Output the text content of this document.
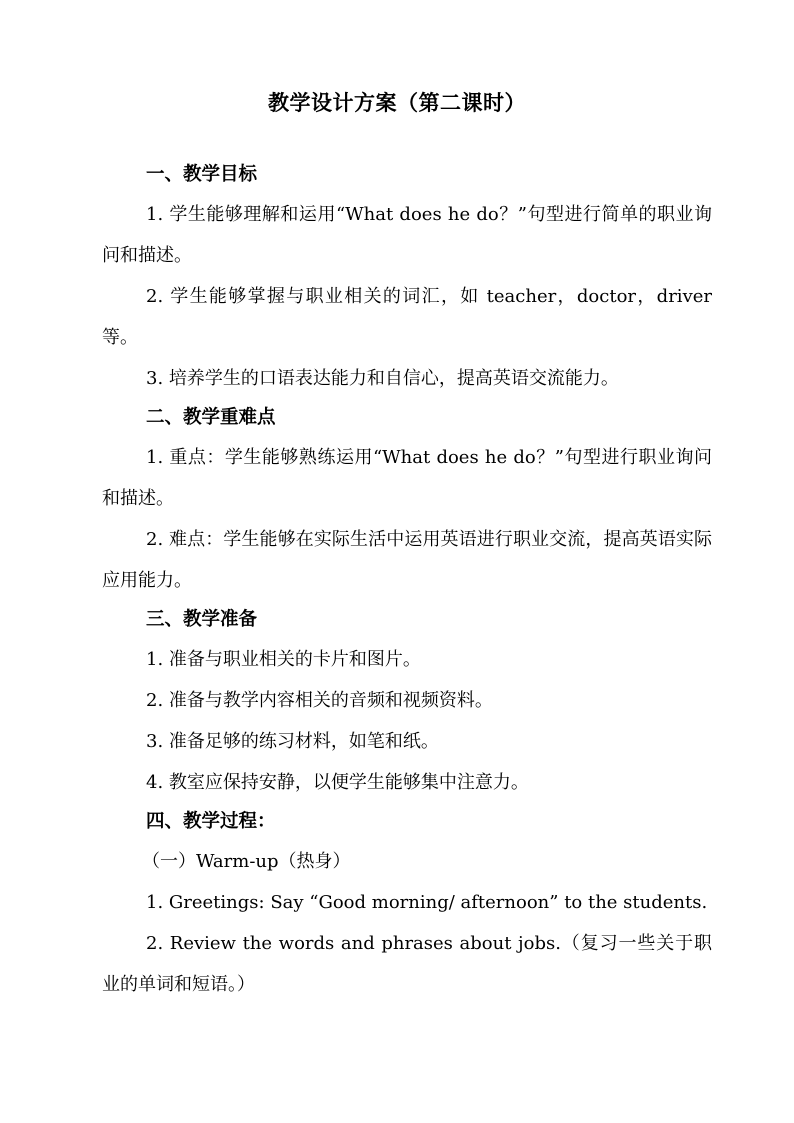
教学设计方案（第二课时）
一、教学目标

1. 学生能够理解和运用“What does he do？”句型进行简单的职业询问和描述。

2. 学生能够掌握与职业相关的词汇，如 teacher，doctor，driver 等。

3. 培养学生的口语表达能力和自信心，提高英语交流能力。

二、教学重难点

1. 重点：学生能够熟练运用“What does he do？”句型进行职业询问和描述。

2. 难点：学生能够在实际生活中运用英语进行职业交流，提高英语实际应用能力。

三、教学准备

1. 准备与职业相关的卡片和图片。

2. 准备与教学内容相关的音频和视频资料。

3. 准备足够的练习材料，如笔和纸。

4. 教室应保持安静，以便学生能够集中注意力。

四、教学过程：

（一）Warm-up（热身）

1. Greetings: Say “Good morning/ afternoon” to the students.

2. Review the words and phrases about jobs.（复习一些关于职业的单词和短语。）
